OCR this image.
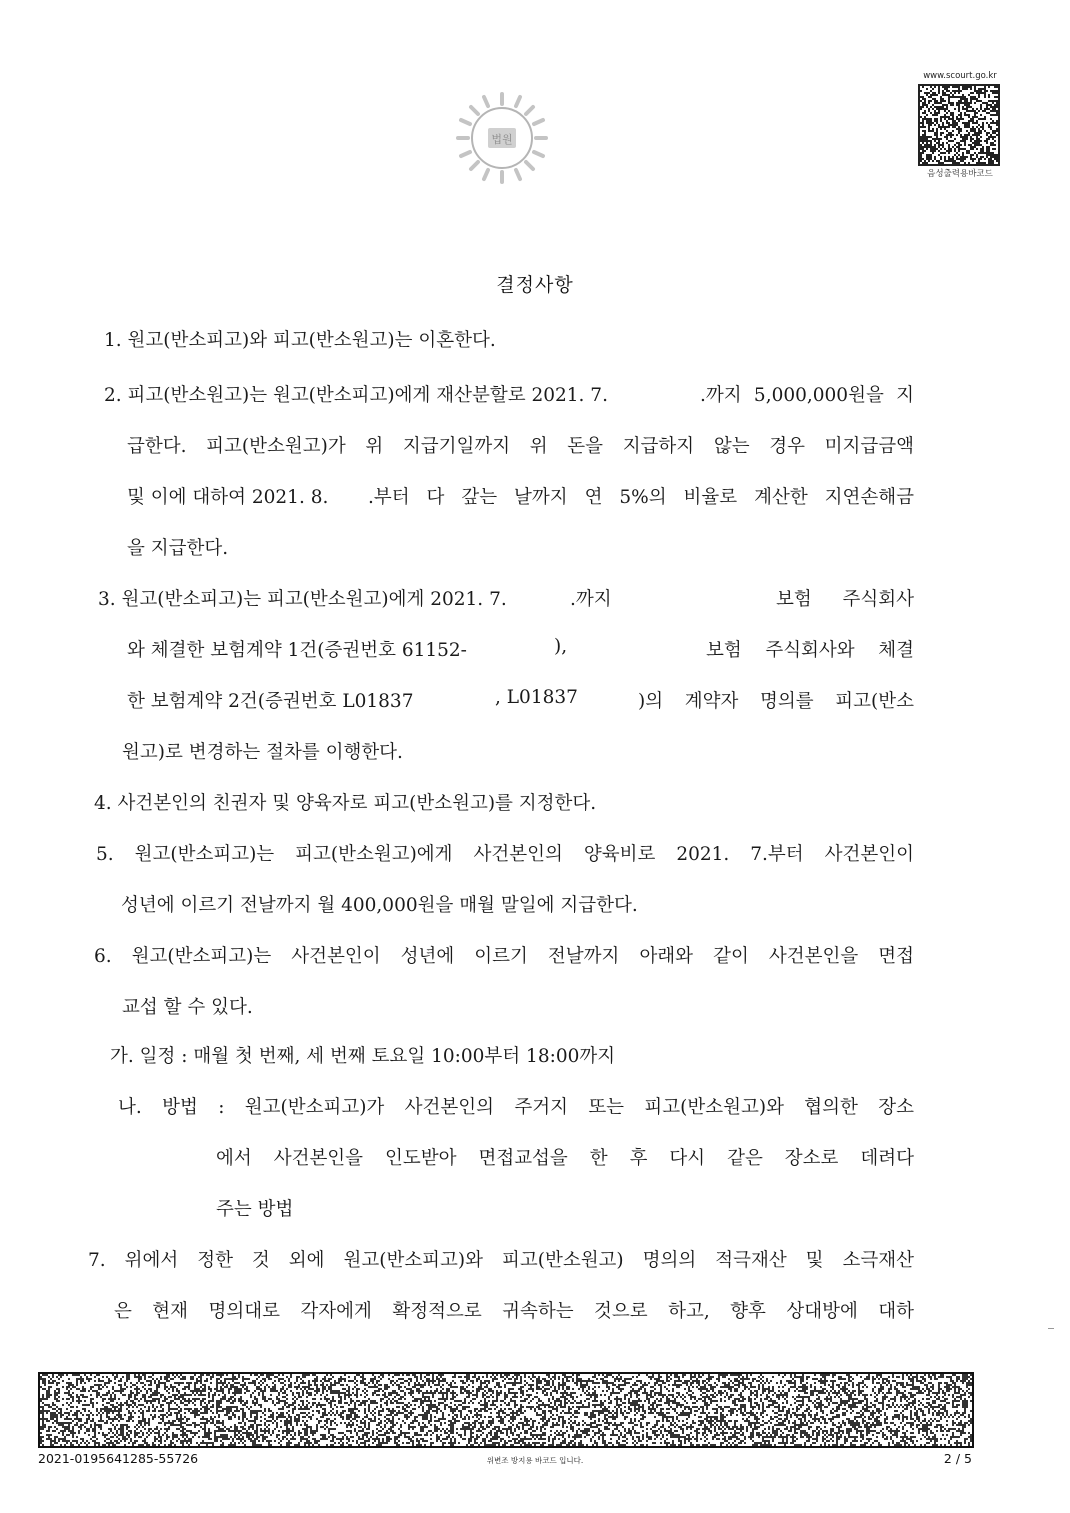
법원
www.scourt.go.kr
음성출력용바코드
결정사항
1. 원고(반소피고)와 피고(반소원고)는 이혼한다.
2. 피고(반소원고)는 원고(반소피고)에게 재산분할로 2021. 7.	.까지 5,000,000원을 지
급한다. 피고(반소원고)가 위 지급기일까지 위 돈을 지급하지 않는 경우 미지급금액
및 이에 대하여 2021. 8. .부터 다 갚는 날까지 연 5%의 비율로 계산한 지연손해금
을 지급한다.
3. 원고(반소피고)는 피고(반소원고)에게 2021. 7.	.까지	보험 주식회사
와 체결한 보험계약 1건(증권번호 61152-	),	보험 주식회사와 체결
한 보험계약 2건(증권번호 L01837	, L01837	)의 계약자 명의를 피고(반소
원고)로 변경하는 절차를 이행한다.
4. 사건본인의 친권자 및 양육자로 피고(반소원고)를 지정한다.
5. 원고(반소피고)는 피고(반소원고)에게 사건본인의 양육비로 2021. 7.부터 사건본인이
성년에 이르기 전날까지 월 400,000원을 매월 말일에 지급한다.
6. 원고(반소피고)는 사건본인이 성년에 이르기 전날까지 아래와 같이 사건본인을 면접
교섭 할 수 있다.
가. 일정 : 매월 첫 번째, 세 번째 토요일 10:00부터 18:00까지
나. 방법 : 원고(반소피고)가 사건본인의 주거지 또는 피고(반소원고)와 협의한 장소
에서 사건본인을 인도받아 면접교섭을 한 후 다시 같은 장소로 데려다
주는 방법
7. 위에서 정한 것 외에 원고(반소피고)와 피고(반소원고) 명의의 적극재산 및 소극재산
은 현재 명의대로 각자에게 확정적으로 귀속하는 것으로 하고, 향후 상대방에 대하
2021-0195641285-55726	위변조 방지용 바코드 입니다.	2 / 5
